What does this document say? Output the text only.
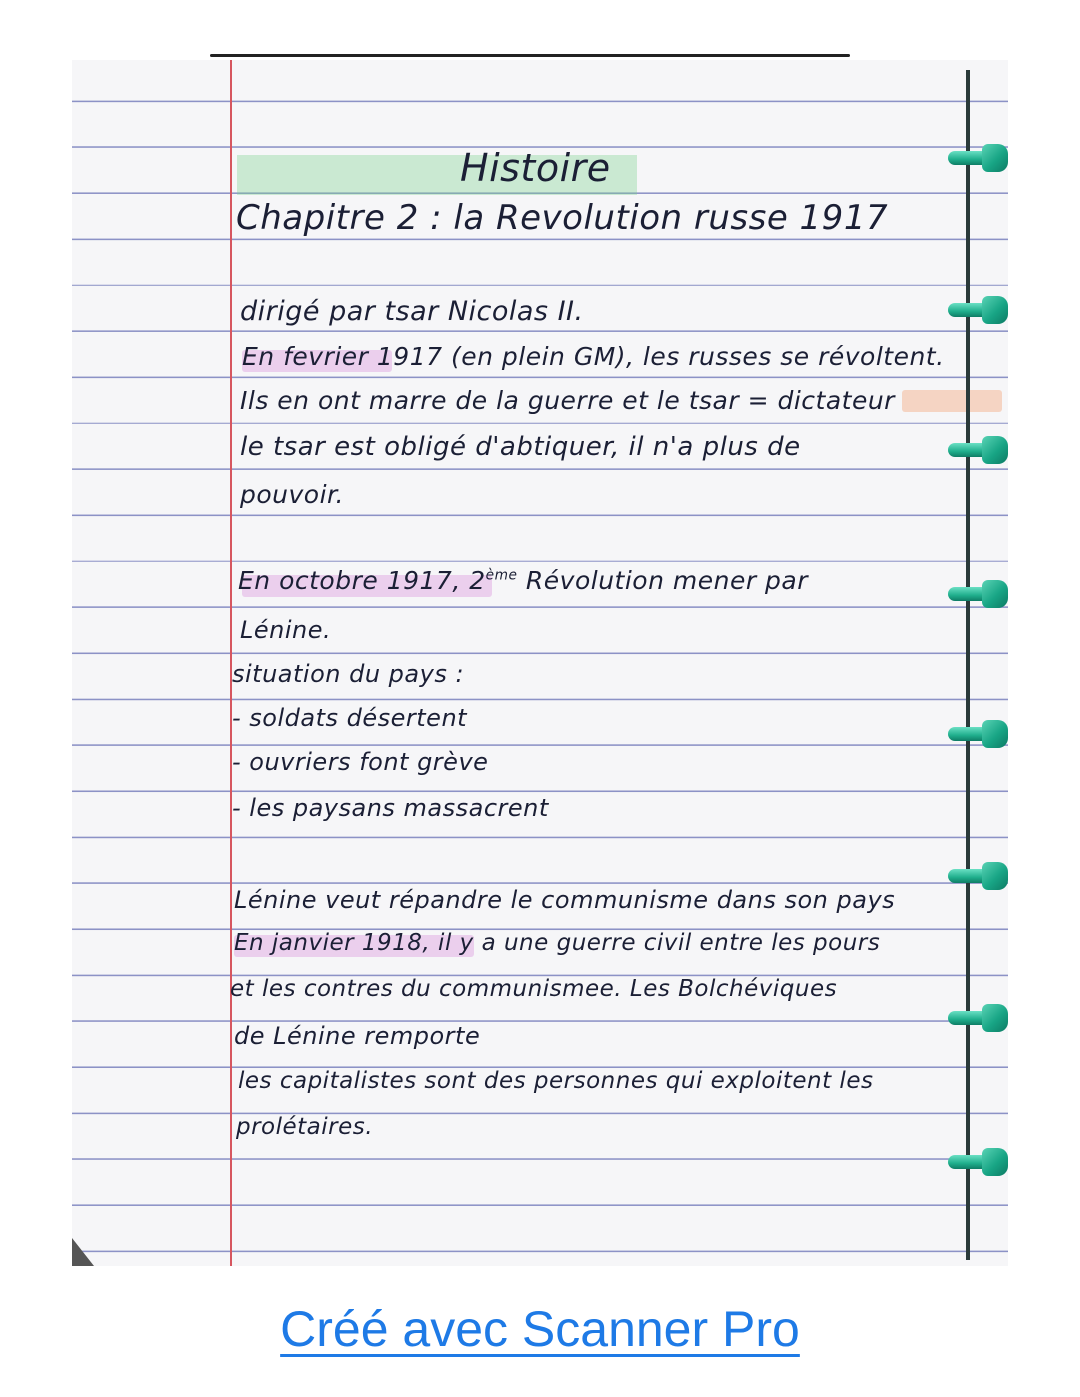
Histoire
Chapitre 2 : la Revolution russe 1917
dirigé par tsar Nicolas II.
En fevrier 1917 (en plein GM), les russes se révoltent.
Ils en ont marre de la guerre et le tsar = dictateur
le tsar est obligé d'abtiquer, il n'a plus de
pouvoir.
En octobre 1917, 2ème Révolution mener par
Lénine.
situation du pays :
- soldats désertent
- ouvriers font grève
- les paysans massacrent
Lénine veut répandre le communisme dans son pays
En janvier 1918, il y a une guerre civil entre les pours
et les contres du communismee. Les Bolchéviques
de Lénine remporte
les capitalistes sont des personnes qui exploitent les
prolétaires.
Créé avec Scanner Pro
